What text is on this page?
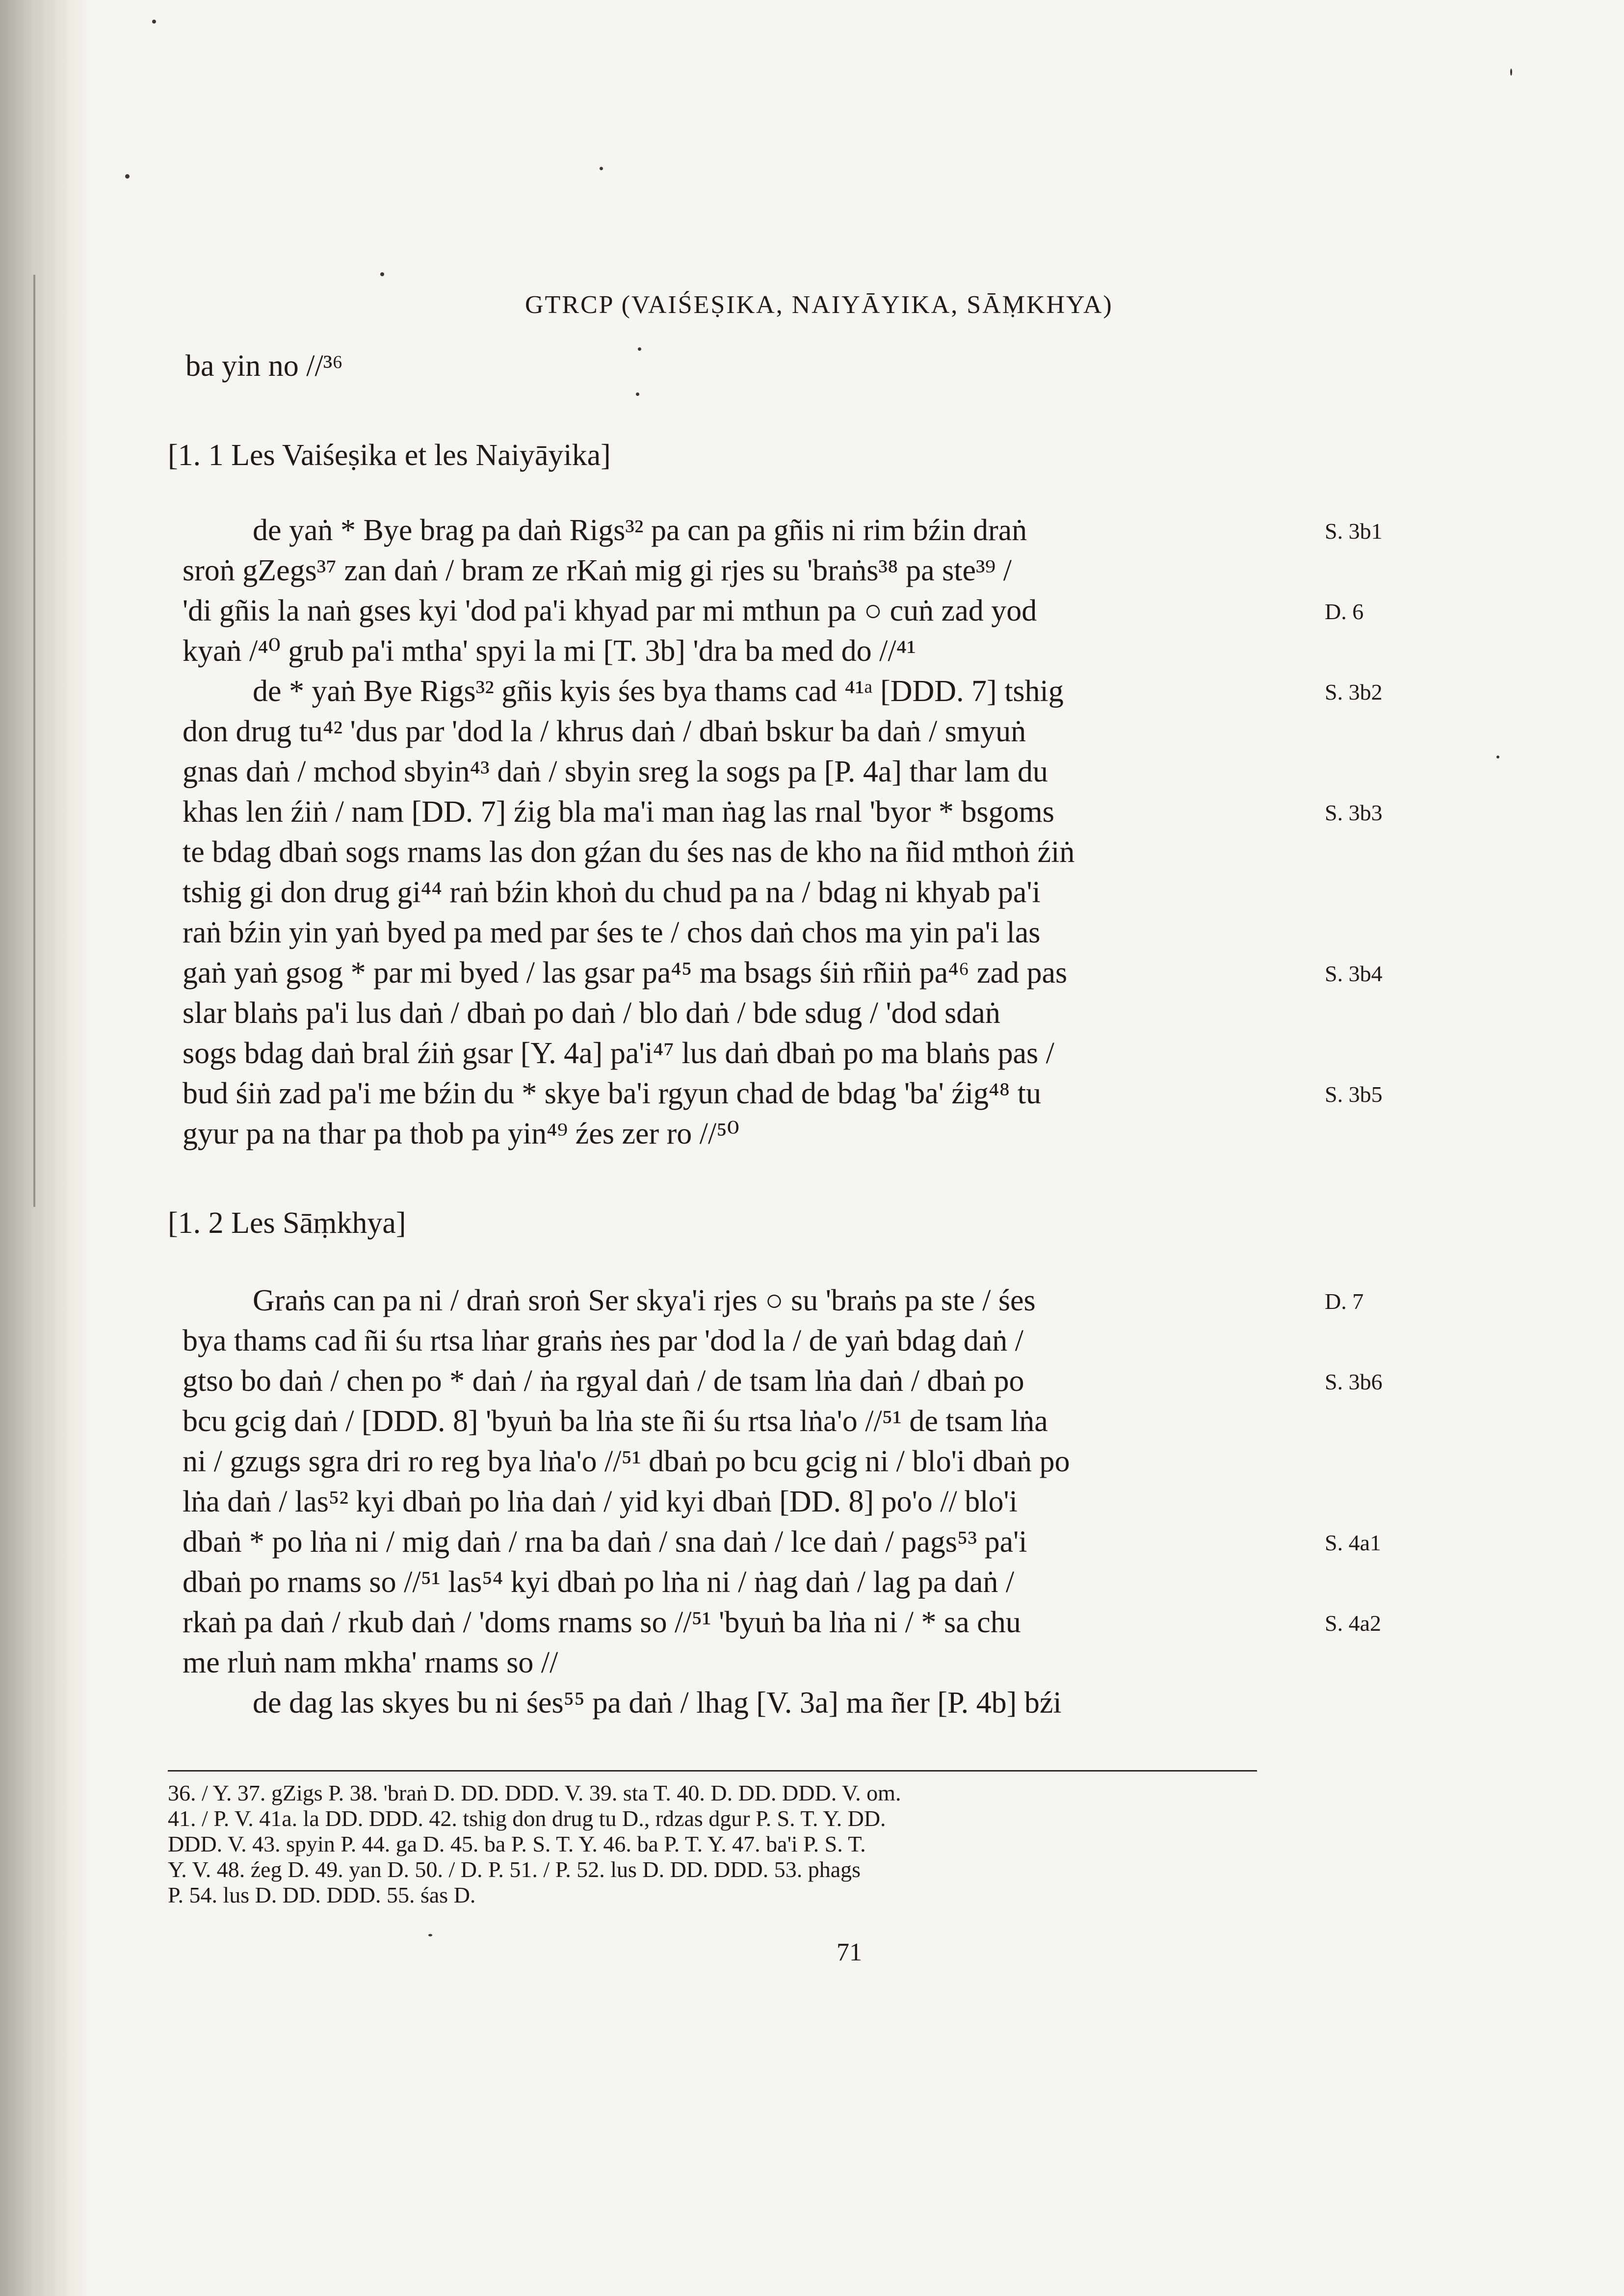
GTRCP (VAIŚEṢIKA, NAIYĀYIKA, SĀṂKHYA)
ba yin no //³⁶
[1. 1 Les Vaiśeṣika et les Naiyāyika]
de yaṅ * Bye brag pa daṅ Rigs³² pa can pa gñis ni rim bźin draṅ
sroṅ gZegs³⁷ zan daṅ / bram ze rKaṅ mig gi rjes su 'braṅs³⁸ pa ste³⁹ /
'di gñis la naṅ gses kyi 'dod pa'i khyad par mi mthun pa ○ cuṅ zad yod
kyaṅ /⁴⁰ grub pa'i mtha' spyi la mi [T. 3b] 'dra ba med do //⁴¹
de * yaṅ Bye Rigs³² gñis kyis śes bya thams cad ⁴¹ᵃ [DDD. 7] tshig
don drug tu⁴² 'dus par 'dod la / khrus daṅ / dbaṅ bskur ba daṅ / smyuṅ
gnas daṅ / mchod sbyin⁴³ daṅ / sbyin sreg la sogs pa [P. 4a] thar lam du
khas len źiṅ / nam [DD. 7] źig bla ma'i man ṅag las rnal 'byor * bsgoms
te bdag dbaṅ sogs rnams las don gźan du śes nas de kho na ñid mthoṅ źiṅ
tshig gi don drug gi⁴⁴ raṅ bźin khoṅ du chud pa na / bdag ni khyab pa'i
raṅ bźin yin yaṅ byed pa med par śes te / chos daṅ chos ma yin pa'i las
gaṅ yaṅ gsog * par mi byed / las gsar pa⁴⁵ ma bsags śiṅ rñiṅ pa⁴⁶ zad pas
slar blaṅs pa'i lus daṅ / dbaṅ po daṅ / blo daṅ / bde sdug / 'dod sdaṅ
sogs bdag daṅ bral źiṅ gsar [Y. 4a] pa'i⁴⁷ lus daṅ dbaṅ po ma blaṅs pas /
bud śiṅ zad pa'i me bźin du * skye ba'i rgyun chad de bdag 'ba' źig⁴⁸ tu
gyur pa na thar pa thob pa yin⁴⁹ źes zer ro //⁵⁰
[1. 2 Les Sāṃkhya]
Graṅs can pa ni / draṅ sroṅ Ser skya'i rjes ○ su 'braṅs pa ste / śes
bya thams cad ñi śu rtsa lṅar graṅs ṅes par 'dod la / de yaṅ bdag daṅ /
gtso bo daṅ / chen po * daṅ / ṅa rgyal daṅ / de tsam lṅa daṅ / dbaṅ po
bcu gcig daṅ / [DDD. 8] 'byuṅ ba lṅa ste ñi śu rtsa lṅa'o //⁵¹ de tsam lṅa
ni / gzugs sgra dri ro reg bya lṅa'o //⁵¹ dbaṅ po bcu gcig ni / blo'i dbaṅ po
lṅa daṅ / las⁵² kyi dbaṅ po lṅa daṅ / yid kyi dbaṅ [DD. 8] po'o // blo'i
dbaṅ * po lṅa ni / mig daṅ / rna ba daṅ / sna daṅ / lce daṅ / pags⁵³ pa'i
dbaṅ po rnams so //⁵¹ las⁵⁴ kyi dbaṅ po lṅa ni / ṅag daṅ / lag pa daṅ /
rkaṅ pa daṅ / rkub daṅ / 'doms rnams so //⁵¹ 'byuṅ ba lṅa ni / * sa chu
me rluṅ nam mkha' rnams so //
de dag las skyes bu ni śes⁵⁵ pa daṅ / lhag [V. 3a] ma ñer [P. 4b] bźi
S. 3b1
D. 6
S. 3b2
S. 3b3
S. 3b4
S. 3b5
D. 7
S. 3b6
S. 4a1
S. 4a2
36. / Y. 37. gZigs P. 38. 'braṅ D. DD. DDD. V. 39. sta T. 40. D. DD. DDD. V. om.
41. / P. V. 41a. la DD. DDD. 42. tshig don drug tu D., rdzas dgur P. S. T. Y. DD.
DDD. V. 43. spyin P. 44. ga D. 45. ba P. S. T. Y. 46. ba P. T. Y. 47. ba'i P. S. T.
Y. V. 48. źeg D. 49. yan D. 50. / D. P. 51. / P. 52. lus D. DD. DDD. 53. phags
P. 54. lus D. DD. DDD. 55. śas D.
71
